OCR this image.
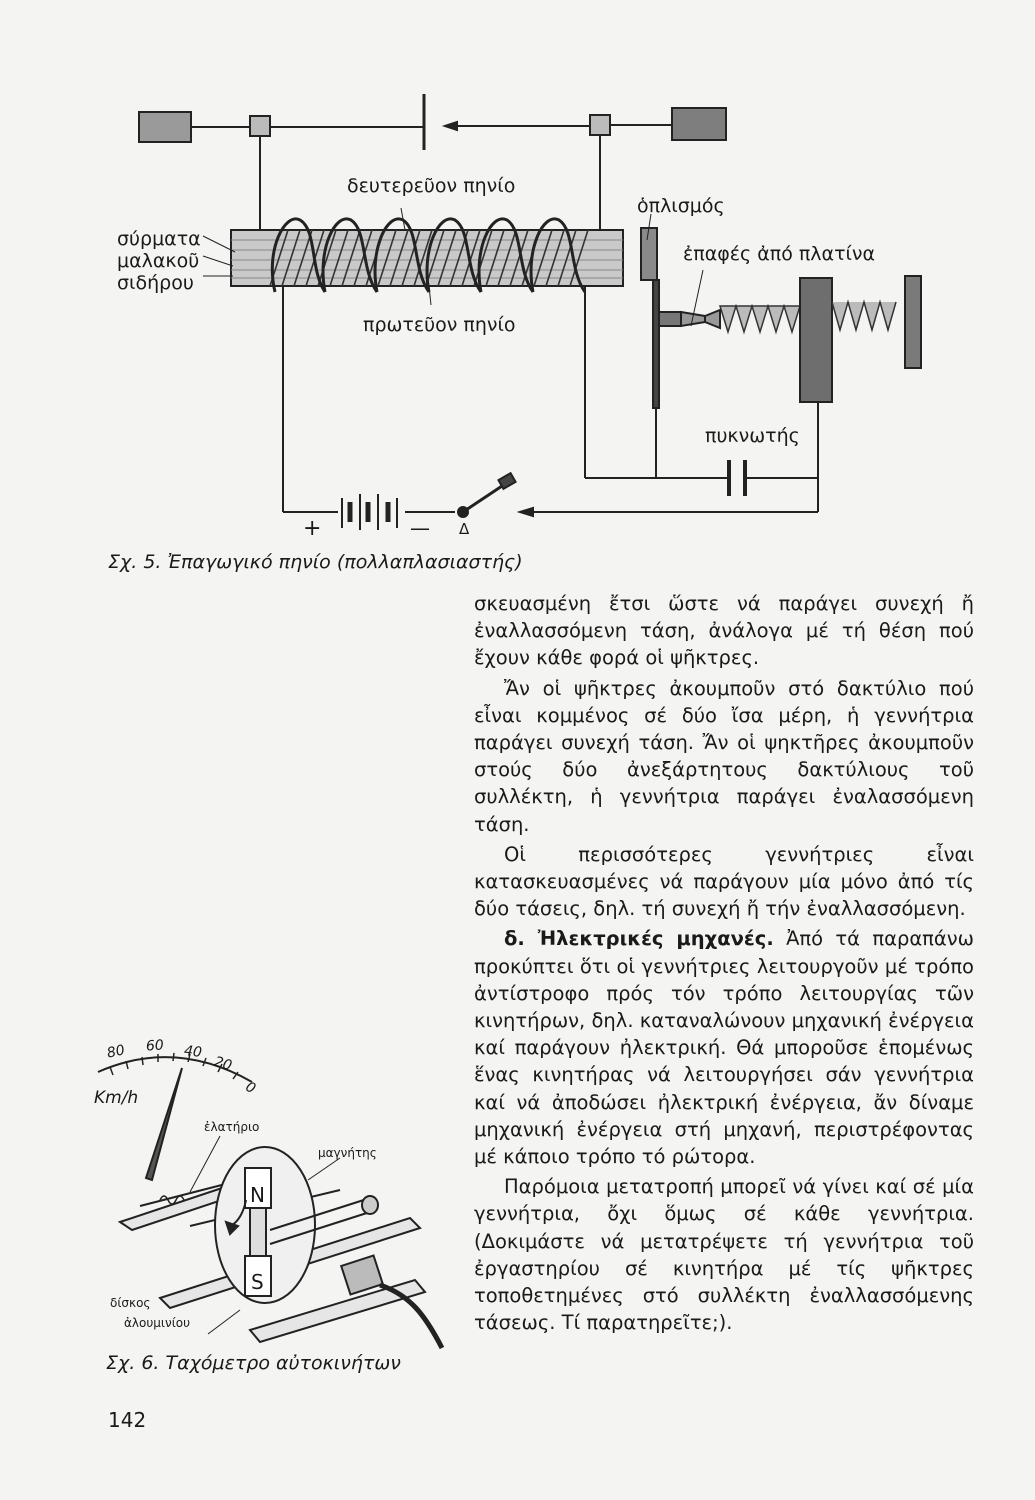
δευτερεῦον πηνίο
ὁπλισμός
σύρματα
μαλακοῦ
σιδήρου
ἐπαφές ἀπό πλατίνα
πρωτεῦον πηνίο
πυκνωτής
+	— Δ
Σχ. 5. Ἐπαγωγικό πηνίο (πολλαπλασιαστής)

σκευασμένη ἔτσι ὥστε νά παράγει συνεχή ἤ ἐναλλασσόμενη τάση, ἀνάλογα μέ τή θέση πού ἔχουν κάθε φορά οἱ ψῆκτρες.

Ἄν οἱ ψῆκτρες ἀκουμποῦν στό δακτύλιο πού εἶναι κομμένος σέ δύο ἴσα μέρη, ἡ γεννήτρια παράγει συνεχή τάση. Ἄν οἱ ψηκτῆρες ἀκουμποῦν στούς δύο ἀνεξάρτητους δακτύλιους τοῦ συλλέκτη, ἡ γεννήτρια παράγει ἐναλασσόμενη τάση.

Οἱ περισσότερες γεννήτριες εἶναι κατασκευασμένες νά παράγουν μία μόνο ἀπό τίς δύο τάσεις, δηλ. τή συνεχή ἤ τήν ἐναλλασσόμενη.

δ. Ἠλεκτρικές μηχανές. Ἀπό τά παραπάνω προκύπτει ὅτι οἱ γεννήτριες λειτουργοῦν μέ τρόπο ἀντίστροφο πρός τόν τρόπο λειτουργίας τῶν κινητήρων, δηλ. καταναλώνουν μηχανική ἐνέργεια καί παράγουν ἠλεκτρική. Θά μποροῦσε ἑπομένως ἕνας κινητήρας νά λειτουργήσει σάν γεννήτρια καί νά ἀποδώσει ἠλεκτρική ἐνέργεια, ἄν δίναμε μηχανική ἐνέργεια στή μηχανή, περιστρέφοντας μέ κάποιο τρόπο τό ρώτορα.

Παρόμοια μετατροπή μπορεῖ νά γίνει καί σέ μία γεννήτρια, ὄχι ὅμως σέ κάθε γεννήτρια. (Δοκιμάστε νά μετατρέψετε τή γεννήτρια τοῦ ἐργαστηρίου σέ κινητήρα μέ τίς ψῆκτρες τοποθετημένες στό συλλέκτη ἐναλλασσόμενης τάσεως. Τί παρατηρεῖτε;).

80 60 40
20
0
Km/h
ἐλατήριο
μαγνήτης
N
S
δίσκος
ἀλουμινίου
Σχ. 6. Ταχόμετρο αὐτοκινήτων
142
